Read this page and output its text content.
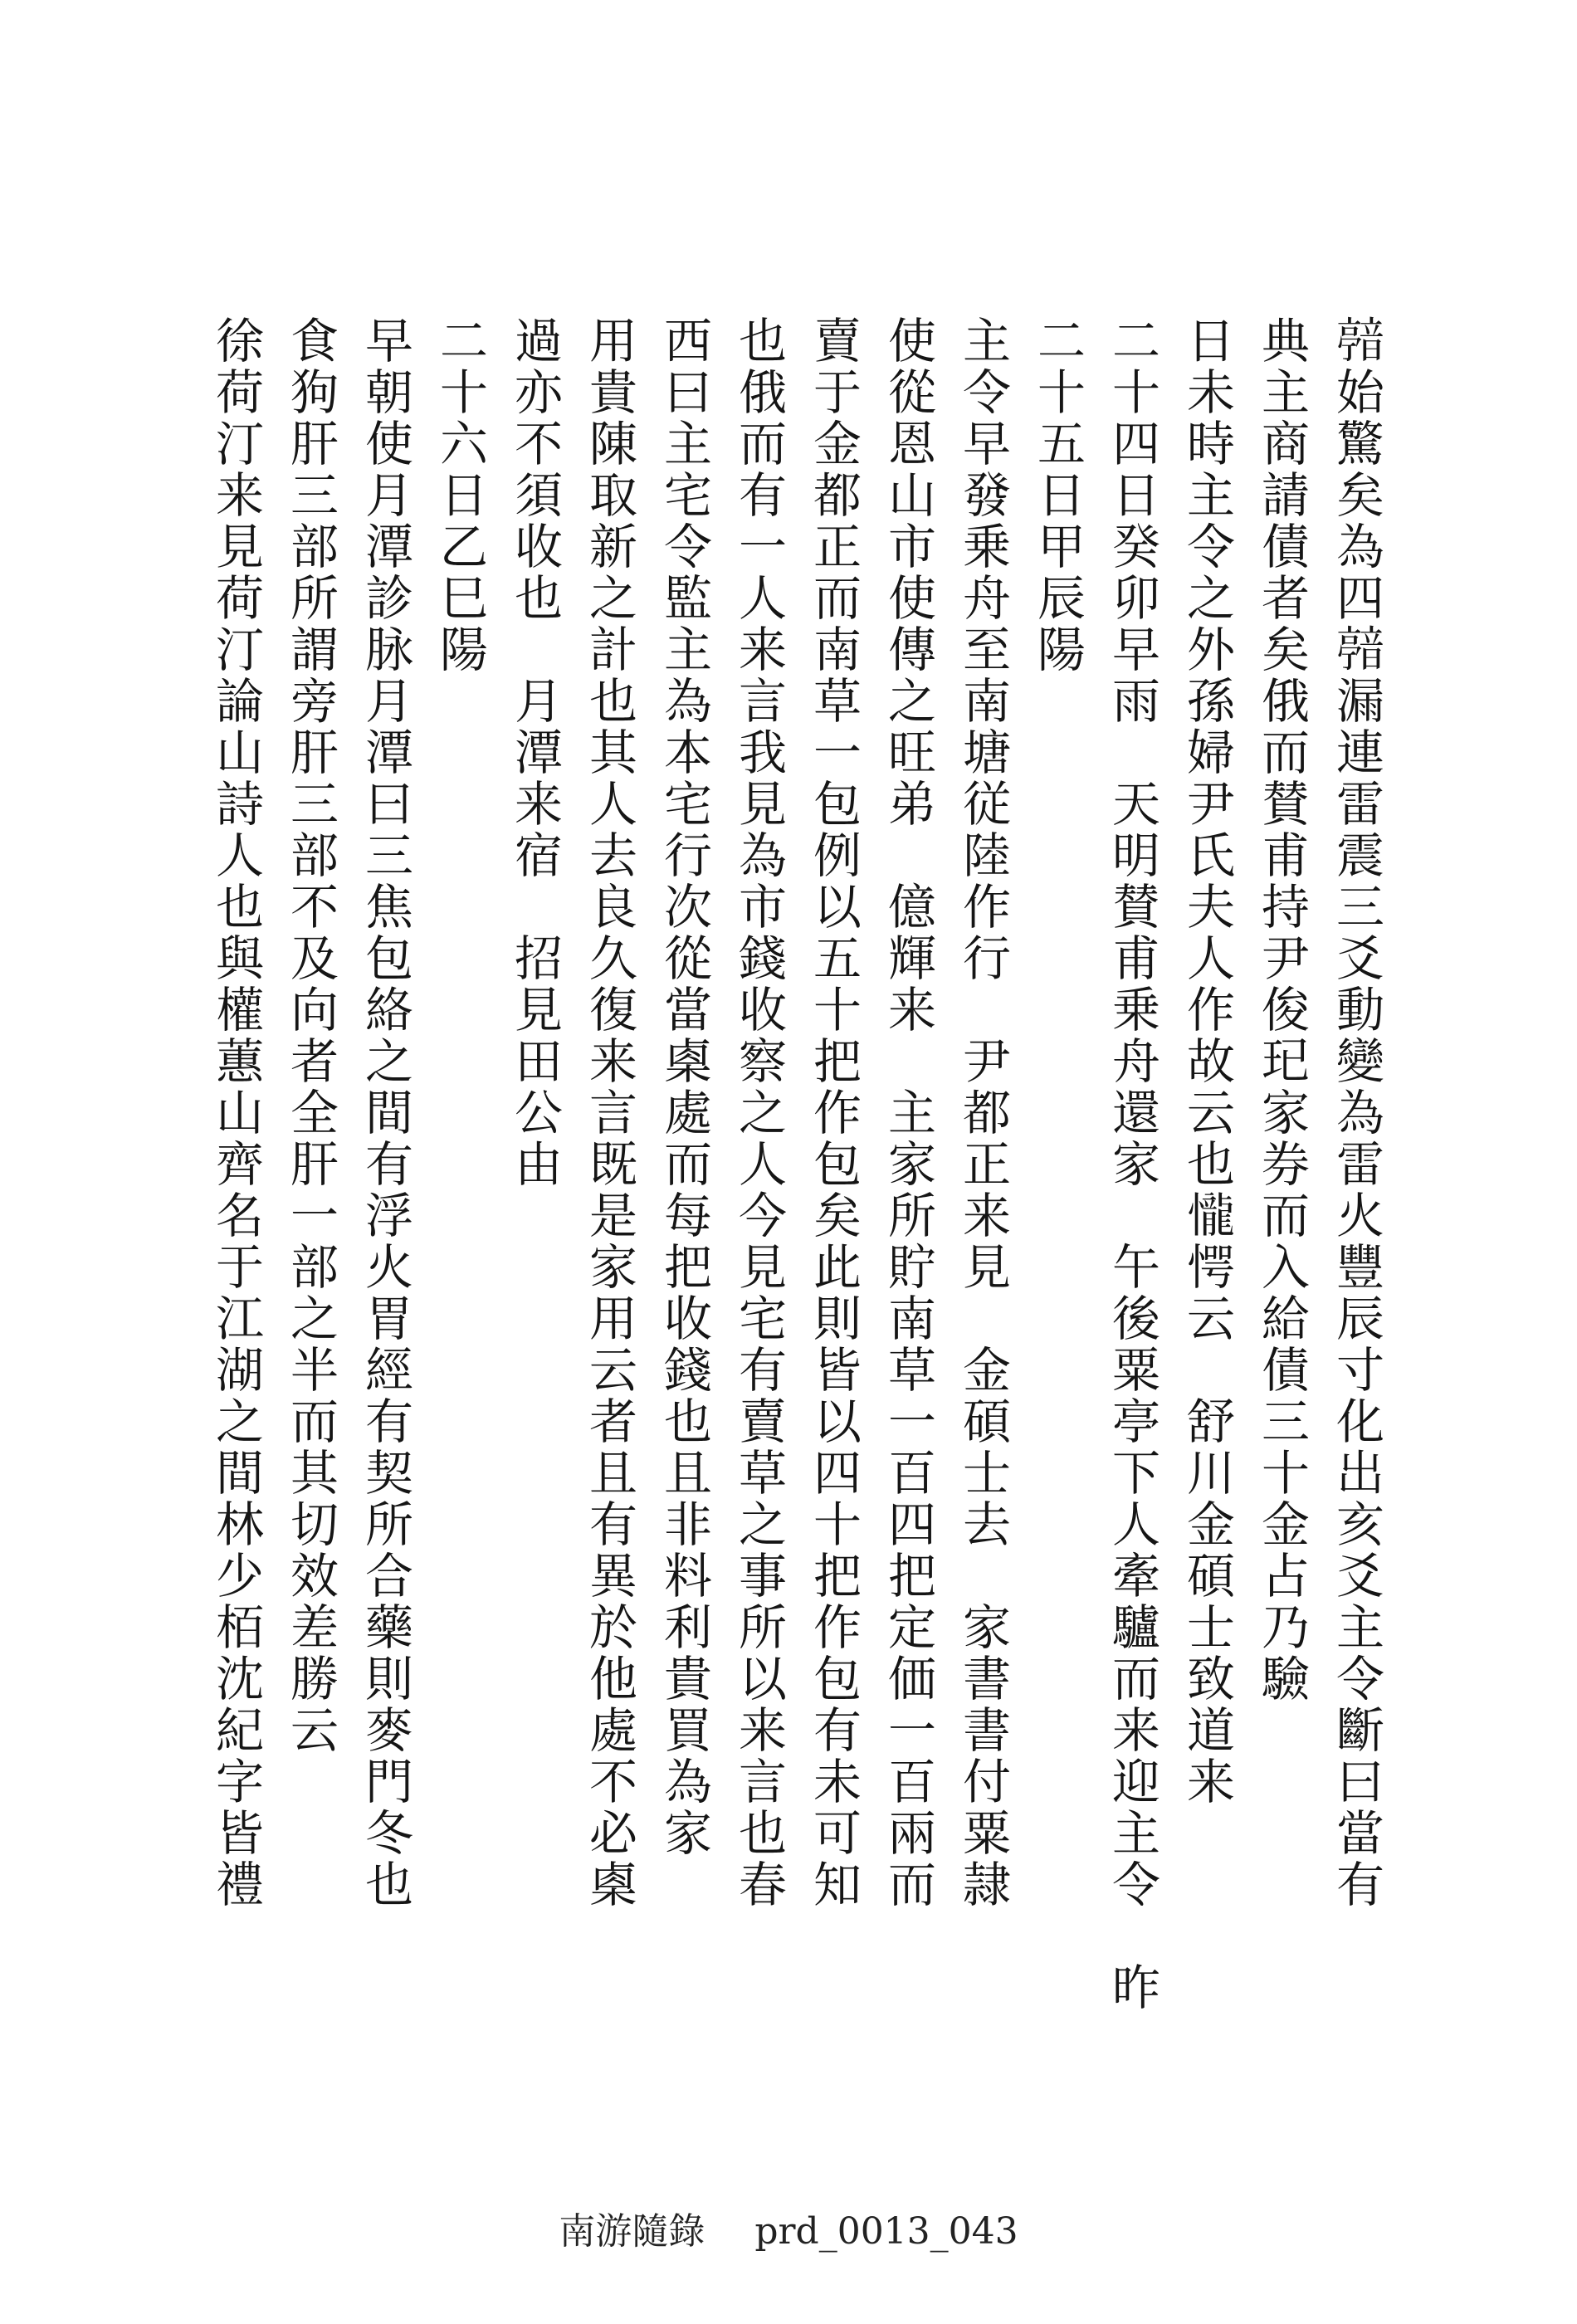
𩐴
始
驚
矣
為
四
𩐴
漏
連
雷
震
三
爻
動
變
為
雷
火
豐
辰
寸
化
出
亥
爻
主
令
斷
曰
當
有
典
主
商
請
債
者
矣
俄
而
賛
甫
持
尹
俊
𤣱
家
券
而
入
給
債
三
十
金
占
乃
驗
日
未
時
主
令
之
外
孫
婦
尹
氏
夫
人
作
故
云
也
𢤱
愕
云
舒
川
金
碩
士
致
道
来
二
十
四
日
癸
卯
早
雨
天
明
賛
甫
乗
舟
還
家
午
後
粟
亭
下
人
牽
驢
而
来
迎
主
令
昨
二
十
五
日
甲
辰
陽
主
令
早
發
乗
舟
至
南
塘
従
陸
作
行
尹
都
正
来
見
金
碩
士
去
家
書
書
付
粟
隷
使
從
恩
山
市
使
傳
之
旺
弟
億
輝
来
主
家
所
貯
南
草
一
百
四
把
定
価
一
百
兩
而
賣
于
金
都
正
而
南
草
一
包
例
以
五
十
把
作
包
矣
此
則
皆
以
四
十
把
作
包
有
未
可
知
也
俄
而
有
一
人
来
言
我
見
為
市
錢
收
察
之
人
今
見
宅
有
賣
草
之
事
所
以
来
言
也
春
西
曰
主
宅
令
監
主
為
本
宅
行
次
從
當
㮚
處
而
每
把
收
錢
也
且
非
料
利
貴
買
為
家
用
貴
陳
取
新
之
計
也
其
人
去
良
久
復
来
言
既
是
家
用
云
者
且
有
異
於
他
處
不
必
㮚
過
亦
不
須
收
也
月
潭
来
宿
招
見
田
公
由
二
十
六
日
乙
巳
陽
早
朝
使
月
潭
診
脉
月
潭
曰
三
焦
包
絡
之
間
有
浮
火
胃
經
有
契
所
合
藥
則
麥
門
冬
也
食
狗
肝
三
部
所
謂
旁
肝
三
部
不
及
向
者
全
肝
一
部
之
半
而
其
切
效
差
勝
云
徐
荷
汀
来
見
荷
汀
論
山
詩
人
也
與
權
蕙
山
齊
名
于
江
湖
之
間
林
少
栢
沈
紀
字
皆
禮
南游隨錄 prd_0013_043
